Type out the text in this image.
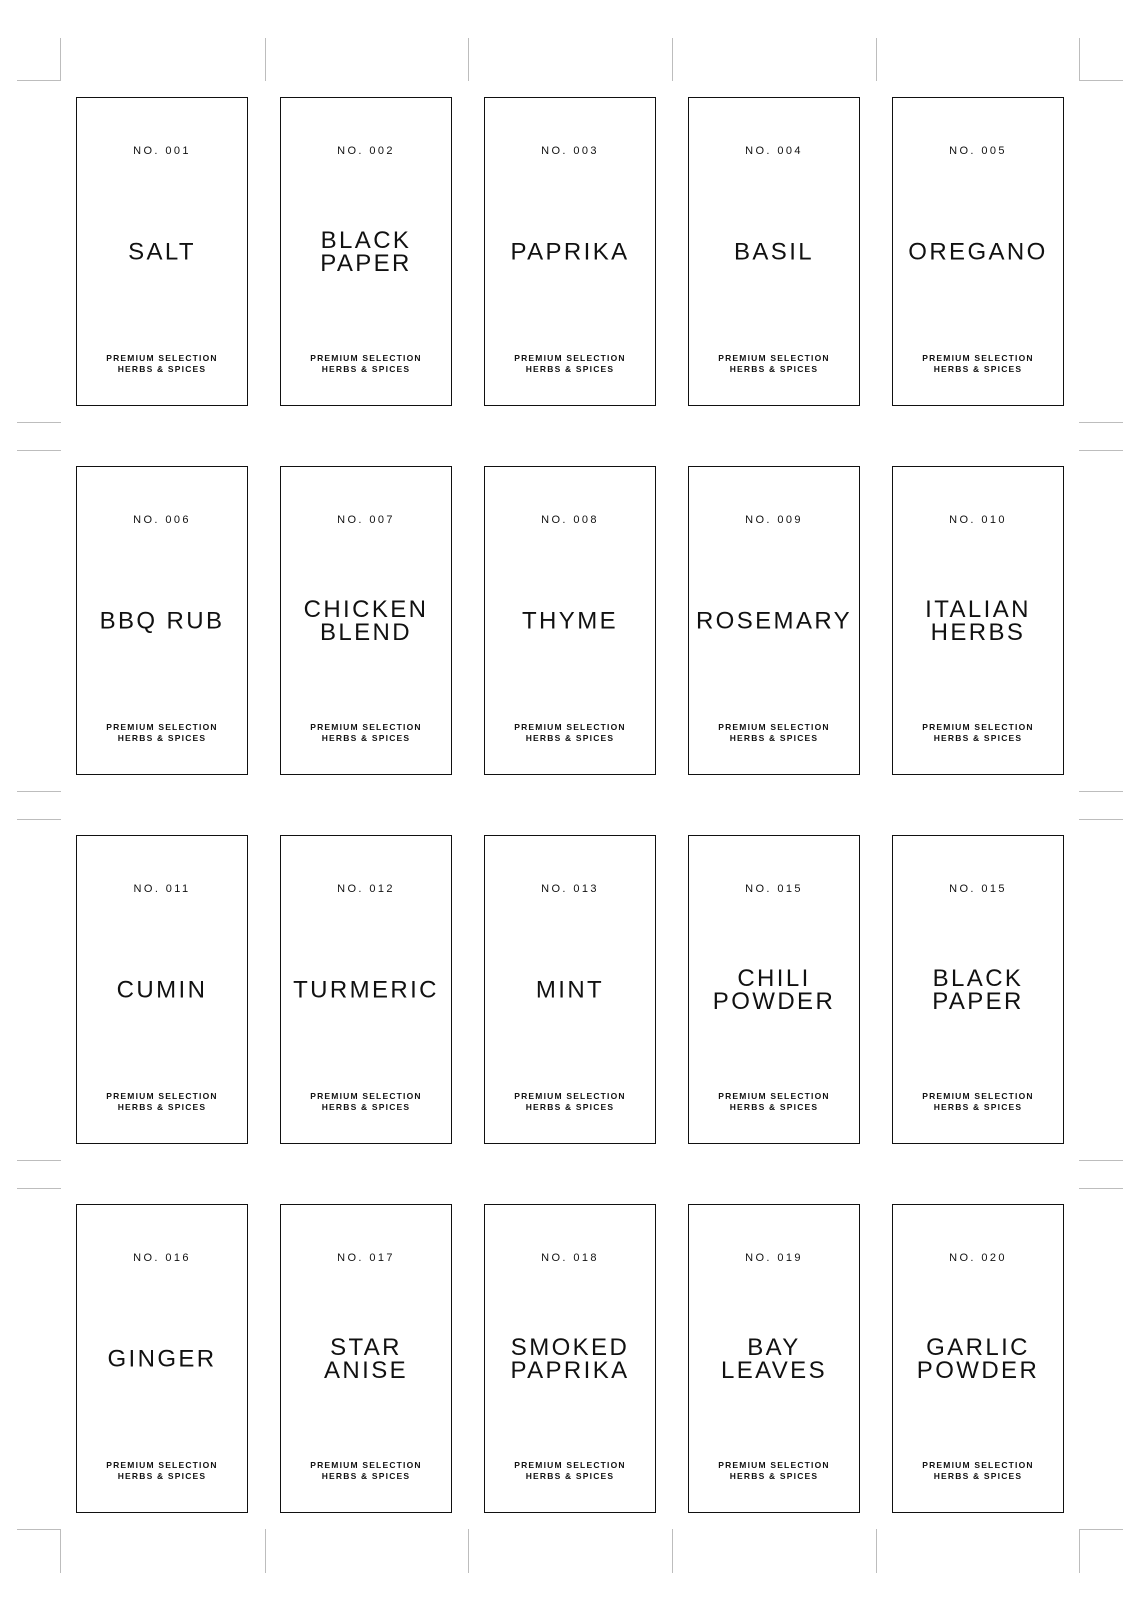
NO. 001
SALT
PREMIUM SELECTION
HERBS & SPICES
NO. 002
BLACK
PAPER
PREMIUM SELECTION
HERBS & SPICES
NO. 003
PAPRIKA
PREMIUM SELECTION
HERBS & SPICES
NO. 004
BASIL
PREMIUM SELECTION
HERBS & SPICES
NO. 005
OREGANO
PREMIUM SELECTION
HERBS & SPICES
NO. 006
BBQ RUB
PREMIUM SELECTION
HERBS & SPICES
NO. 007
CHICKEN
BLEND
PREMIUM SELECTION
HERBS & SPICES
NO. 008
THYME
PREMIUM SELECTION
HERBS & SPICES
NO. 009
ROSEMARY
PREMIUM SELECTION
HERBS & SPICES
NO. 010
ITALIAN
HERBS
PREMIUM SELECTION
HERBS & SPICES
NO. 011
CUMIN
PREMIUM SELECTION
HERBS & SPICES
NO. 012
TURMERIC
PREMIUM SELECTION
HERBS & SPICES
NO. 013
MINT
PREMIUM SELECTION
HERBS & SPICES
NO. 015
CHILI
POWDER
PREMIUM SELECTION
HERBS & SPICES
NO. 015
BLACK
PAPER
PREMIUM SELECTION
HERBS & SPICES
NO. 016
GINGER
PREMIUM SELECTION
HERBS & SPICES
NO. 017
STAR
ANISE
PREMIUM SELECTION
HERBS & SPICES
NO. 018
SMOKED
PAPRIKA
PREMIUM SELECTION
HERBS & SPICES
NO. 019
BAY
LEAVES
PREMIUM SELECTION
HERBS & SPICES
NO. 020
GARLIC
POWDER
PREMIUM SELECTION
HERBS & SPICES
